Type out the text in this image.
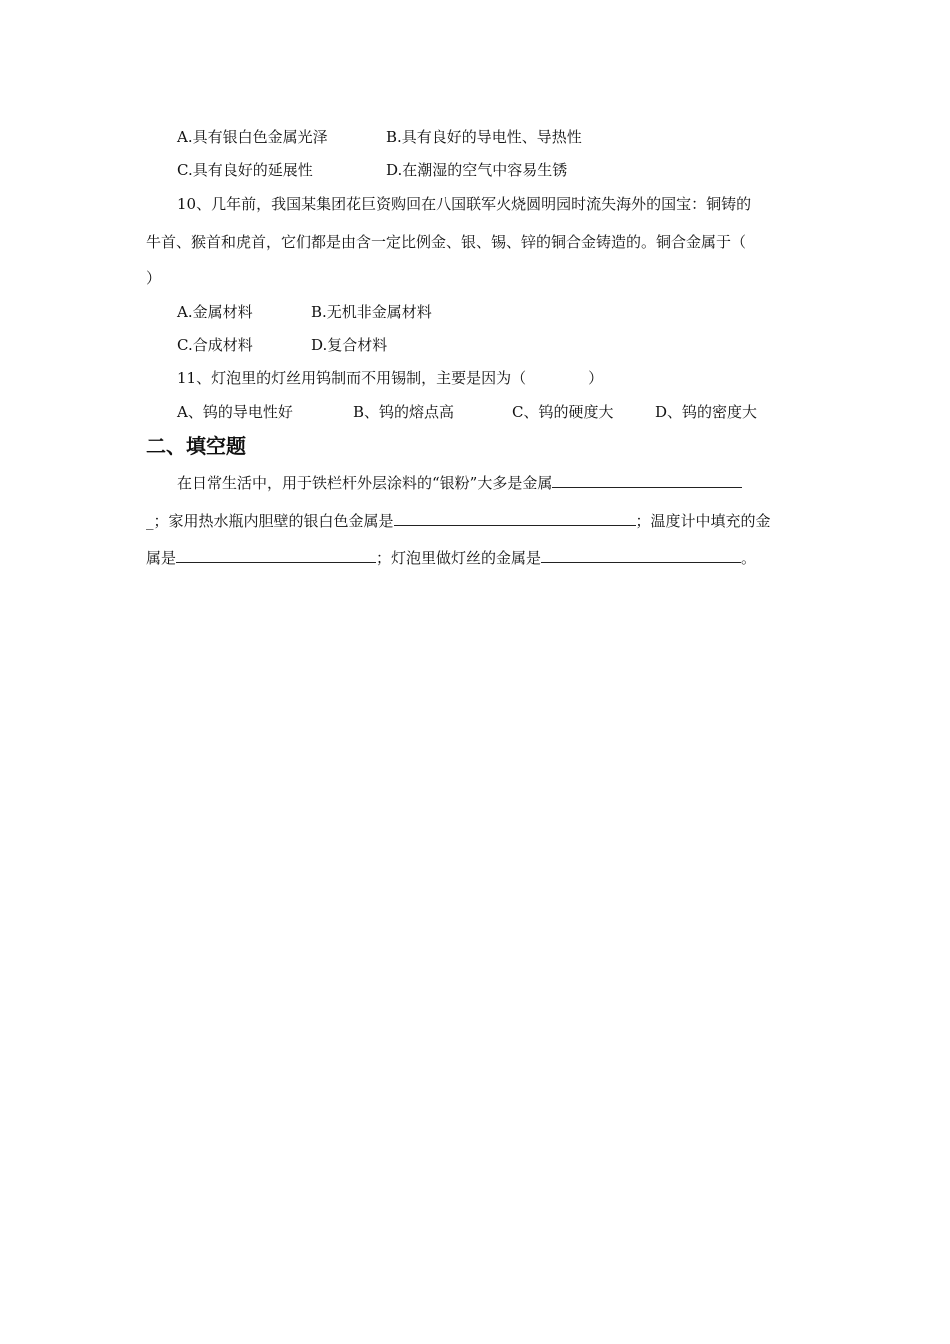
A.具有银白色金属光泽	B.具有良好的导电性、导热性
C.具有良好的延展性	D.在潮湿的空气中容易生锈
10、几年前，我国某集团花巨资购回在八国联军火烧圆明园时流失海外的国宝：铜铸的
牛首、猴首和虎首，它们都是由含一定比例金、银、锡、锌的铜合金铸造的。铜合金属于（
）
A.金属材料	B.无机非金属材料
C.合成材料	D.复合材料
11、灯泡里的灯丝用钨制而不用锡制，主要是因为（	）
A、钨的导电性好	B、钨的熔点高	C、钨的硬度大	D、钨的密度大
二、填空题
在日常生活中，用于铁栏杆外层涂料的“银粉”大多是金属
_；家用热水瓶内胆壁的银白色金属是	；温度计中填充的金
属是	；灯泡里做灯丝的金属是	。
